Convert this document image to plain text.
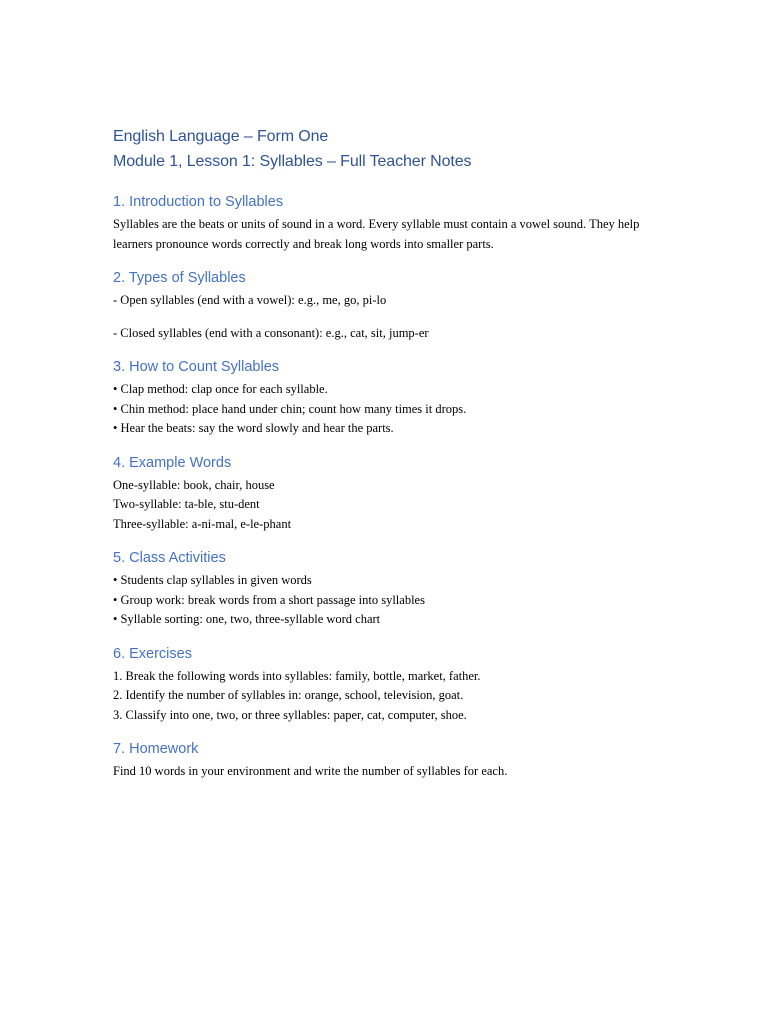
English Language – Form One

Module 1, Lesson 1: Syllables – Full Teacher Notes

1. Introduction to Syllables

Syllables are the beats or units of sound in a word. Every syllable must contain a vowel sound. They help learners pronounce words correctly and break long words into smaller parts.

2. Types of Syllables

- Open syllables (end with a vowel): e.g., me, go, pi-lo

- Closed syllables (end with a consonant): e.g., cat, sit, jump-er

3. How to Count Syllables

• Clap method: clap once for each syllable.

• Chin method: place hand under chin; count how many times it drops.

• Hear the beats: say the word slowly and hear the parts.

4. Example Words

One-syllable: book, chair, house

Two-syllable: ta-ble, stu-dent

Three-syllable: a-ni-mal, e-le-phant

5. Class Activities

• Students clap syllables in given words

• Group work: break words from a short passage into syllables

• Syllable sorting: one, two, three-syllable word chart

6. Exercises

1. Break the following words into syllables: family, bottle, market, father.

2. Identify the number of syllables in: orange, school, television, goat.

3. Classify into one, two, or three syllables: paper, cat, computer, shoe.

7. Homework

Find 10 words in your environment and write the number of syllables for each.
